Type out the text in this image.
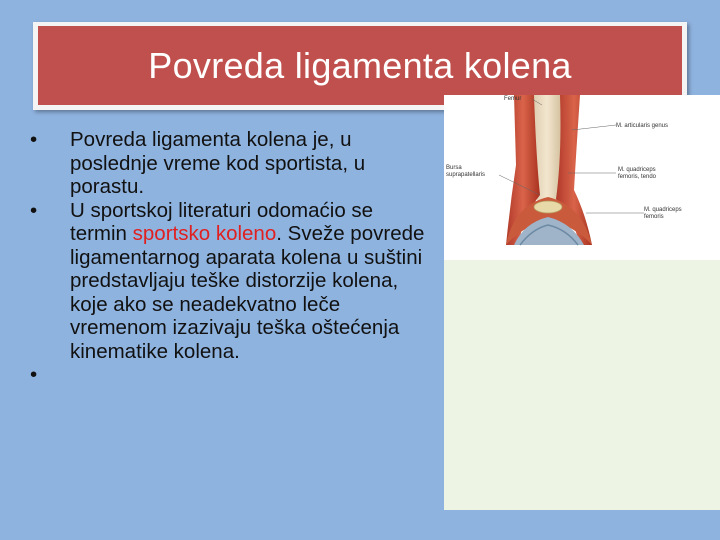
Povreda ligamenta kolena
•	Povreda ligamenta kolena je, u poslednje vreme kod sportista, u porastu.
•	U sportskoj literaturi odomaćio se termin sportsko koleno. Sveže povrede ligamentarnog aparata kolena u suštini predstavljaju teške distorzije kolena, koje ako se neadekvatno leče vremenom izazivaju teška oštećenja kinematike kolena.
•
Femur
M. articularis genus
Bursa
suprapatellaris
M. quadriceps
femoris, tendo
M. quadriceps
femoris
